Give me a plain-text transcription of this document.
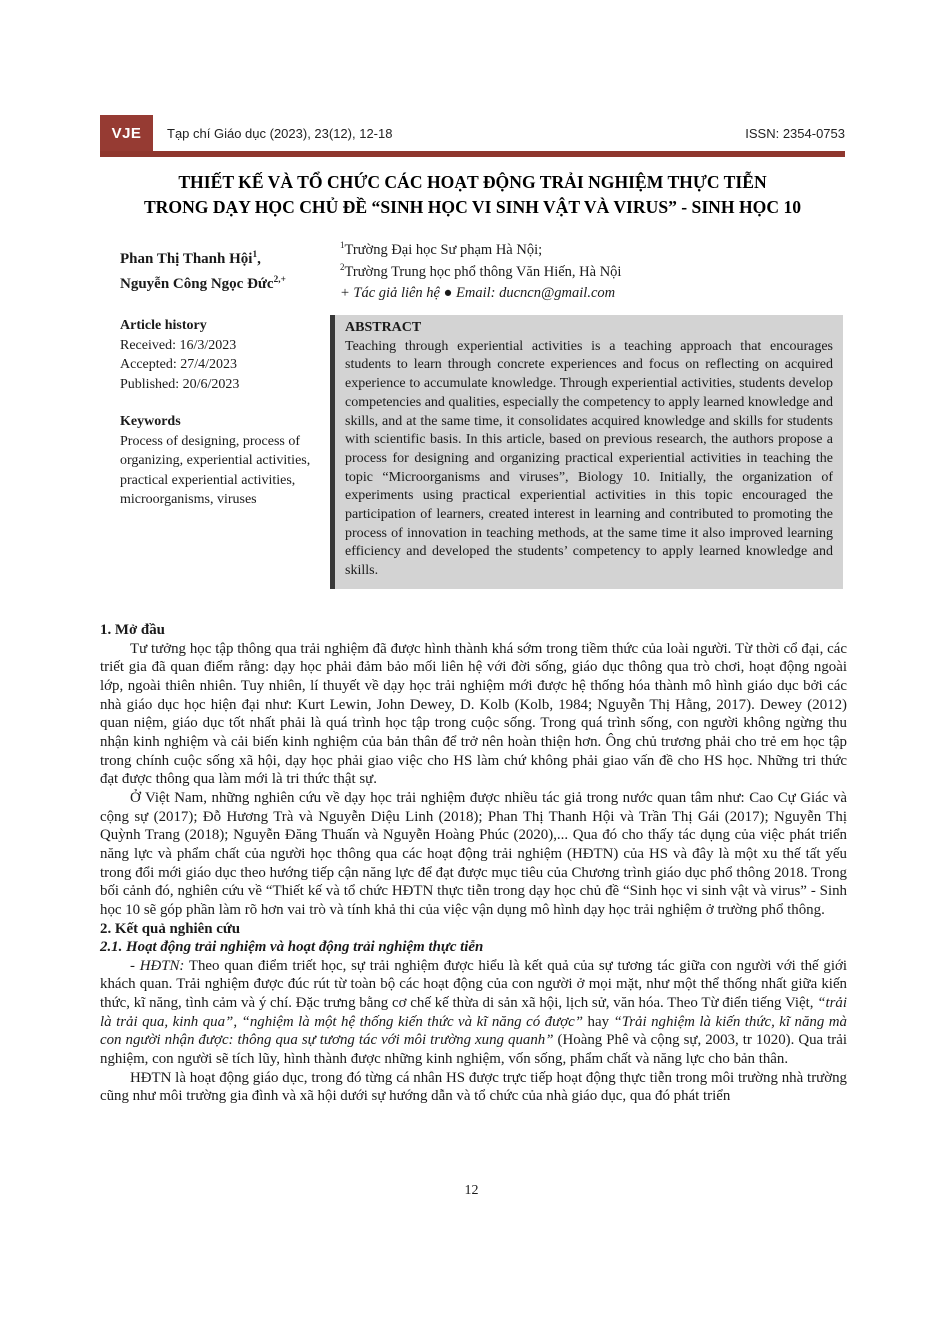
VJE Tạp chí Giáo dục (2023), 23(12), 12-18	ISSN: 2354-0753
THIẾT KẾ VÀ TỔ CHỨC CÁC HOẠT ĐỘNG TRẢI NGHIỆM THỰC TIỄN
TRONG DẠY HỌC CHỦ ĐỀ “SINH HỌC VI SINH VẬT VÀ VIRUS” - SINH HỌC 10
Phan Thị Thanh Hội$^1$,
Nguyễn Công Ngọc Đức$^{2,+}$
$^1$Trường Đại học Sư phạm Hà Nội;
$^2$Trường Trung học phổ thông Văn Hiến, Hà Nội
+ Tác giả liên hệ ● Email: ducncn@gmail.com
Article history
Received: 16/3/2023
Accepted: 27/4/2023
Published: 20/6/2023
Keywords
Process of designing, process of organizing, experiential activities, practical experiential activities, microorganisms, viruses
ABSTRACT
Teaching through experiential activities is a teaching approach that encourages students to learn through concrete experiences and focus on reflecting on acquired experience to accumulate knowledge. Through experiential activities, students develop competencies and qualities, especially the competency to apply learned knowledge and skills, and at the same time, it consolidates acquired knowledge and skills for students with scientific basis. In this article, based on previous research, the authors propose a process for designing and organizing practical experiential activities in teaching the topic “Microorganisms and viruses”, Biology 10. Initially, the organization of experiments using practical experiential activities in this topic encouraged the participation of learners, created interest in learning and contributed to promoting the process of innovation in teaching methods, at the same time it also improved learning efficiency and developed the students’ competency to apply learned knowledge and skills.
1. Mở đầu

Tư tưởng học tập thông qua trải nghiệm đã được hình thành khá sớm trong tiềm thức của loài người. Từ thời cổ đại, các triết gia đã quan điểm rằng: dạy học phải đảm bảo mối liên hệ với đời sống, giáo dục thông qua trò chơi, hoạt động ngoài lớp, ngoài thiên nhiên. Tuy nhiên, lí thuyết về dạy học trải nghiệm mới được hệ thống hóa thành mô hình giáo dục bởi các nhà giáo dục học hiện đại như: Kurt Lewin, John Dewey, D. Kolb (Kolb, 1984; Nguyễn Thị Hằng, 2017). Dewey (2012) quan niệm, giáo dục tốt nhất phải là quá trình học tập trong cuộc sống. Trong quá trình sống, con người không ngừng thu nhận kinh nghiệm và cải biến kinh nghiệm của bản thân để trở nên hoàn thiện hơn. Ông chủ trương phải cho trẻ em học tập trong chính cuộc sống xã hội, dạy học phải giao việc cho HS làm chứ không phải giao vấn đề cho HS học. Những tri thức đạt được thông qua làm mới là tri thức thật sự.

Ở Việt Nam, những nghiên cứu về dạy học trải nghiệm được nhiều tác giả trong nước quan tâm như: Cao Cự Giác và cộng sự (2017); Đỗ Hương Trà và Nguyễn Diệu Linh (2018); Phan Thị Thanh Hội và Trần Thị Gái (2017); Nguyễn Thị Quỳnh Trang (2018); Nguyễn Đăng Thuấn và Nguyễn Hoàng Phúc (2020),... Qua đó cho thấy tác dụng của việc phát triển năng lực và phẩm chất của người học thông qua các hoạt động trải nghiệm (HĐTN) của HS và đây là một xu thế tất yếu trong đổi mới giáo dục theo hướng tiếp cận năng lực để đạt được mục tiêu của Chương trình giáo dục phổ thông 2018. Trong bối cảnh đó, nghiên cứu về “Thiết kế và tổ chức HĐTN thực tiễn trong dạy học chủ đề “Sinh học vi sinh vật và virus” - Sinh học 10 sẽ góp phần làm rõ hơn vai trò và tính khả thi của việc vận dụng mô hình dạy học trải nghiệm ở trường phổ thông.

2. Kết quả nghiên cứu
2.1. Hoạt động trải nghiệm và hoạt động trải nghiệm thực tiễn

- HĐTN: Theo quan điểm triết học, sự trải nghiệm được hiểu là kết quả của sự tương tác giữa con người với thế giới khách quan. Trải nghiệm được đúc rút từ toàn bộ các hoạt động của con người ở mọi mặt, như một thể thống nhất giữa kiến thức, kĩ năng, tình cảm và ý chí. Đặc trưng bằng cơ chế kế thừa di sản xã hội, lịch sử, văn hóa. Theo Từ điển tiếng Việt, “trải là trải qua, kinh qua”, “nghiệm là một hệ thống kiến thức và kĩ năng có được” hay “Trải nghiệm là kiến thức, kĩ năng mà con người nhận được: thông qua sự tương tác với môi trường xung quanh” (Hoàng Phê và cộng sự, 2003, tr 1020). Qua trải nghiệm, con người sẽ tích lũy, hình thành được những kinh nghiệm, vốn sống, phẩm chất và năng lực cho bản thân.

HĐTN là hoạt động giáo dục, trong đó từng cá nhân HS được trực tiếp hoạt động thực tiễn trong môi trường nhà trường cũng như môi trường gia đình và xã hội dưới sự hướng dẫn và tổ chức của nhà giáo dục, qua đó phát triển

12
